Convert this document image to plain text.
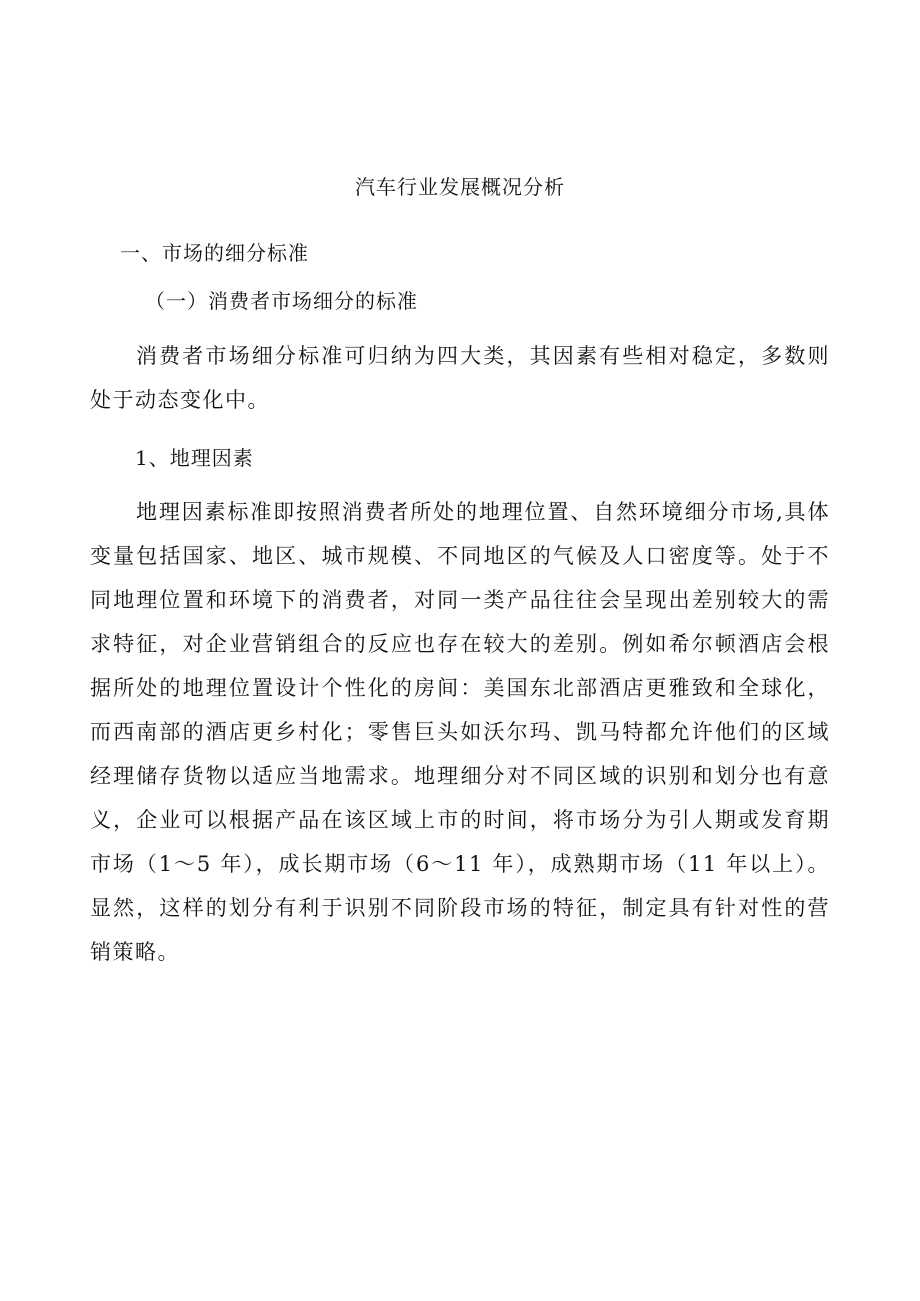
汽车行业发展概况分析
一、市场的细分标准
（一）消费者市场细分的标准

消费者市场细分标准可归纳为四大类，其因素有些相对稳定，多数则处于动态变化中。

1、地理因素

地理因素标准即按照消费者所处的地理位置、自然环境细分市场,具体变量包括国家、地区、城市规模、不同地区的气候及人口密度等。处于不同地理位置和环境下的消费者，对同一类产品往往会呈现出差别较大的需求特征，对企业营销组合的反应也存在较大的差别。例如希尔顿酒店会根据所处的地理位置设计个性化的房间：美国东北部酒店更雅致和全球化，而西南部的酒店更乡村化；零售巨头如沃尔玛、凯马特都允许他们的区域经理储存货物以适应当地需求。地理细分对不同区域的识别和划分也有意义，企业可以根据产品在该区域上市的时间，将市场分为引人期或发育期市场（1～5 年），成长期市场（6～11 年），成熟期市场（11 年以上）。显然，这样的划分有利于识别不同阶段市场的特征，制定具有针对性的营销策略。
